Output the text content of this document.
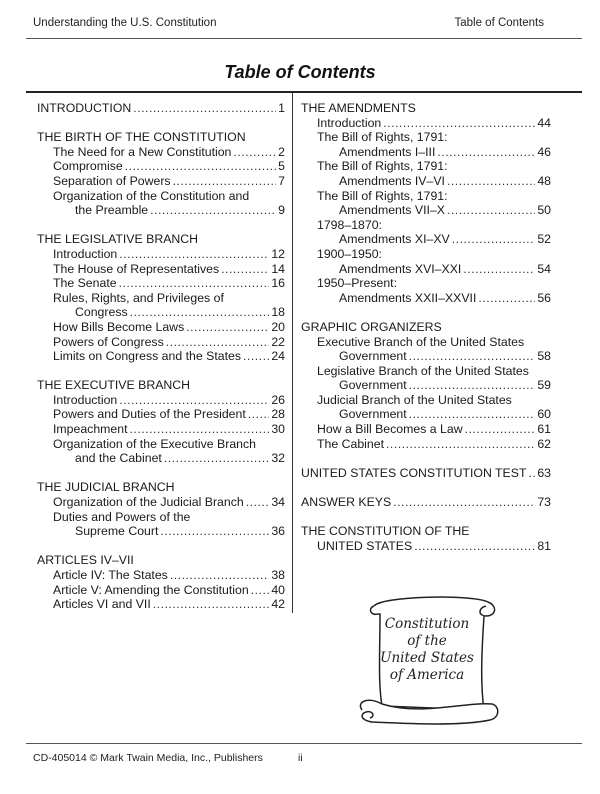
Understanding the U.S. Constitution	Table of Contents
Table of Contents
INTRODUCTION .....	1
THE BIRTH OF THE CONSTITUTION
The Need for a New Constitution .....	2
Compromise .....	5
Separation of Powers .....	7
Organization of the Constitution and
the Preamble .....	9
THE LEGISLATIVE BRANCH
Introduction .....	12
The House of Representatives .....	14
The Senate .....	16
Rules, Rights, and Privileges of
Congress .....	18
How Bills Become Laws .....	20
Powers of Congress .....	22
Limits on Congress and the States ..... 24
THE EXECUTIVE BRANCH
Introduction .....	26
Powers and Duties of the President ..... 28
Impeachment .....	30
Organization of the Executive Branch
and the Cabinet .....	32
THE JUDICIAL BRANCH
Organization of the Judicial Branch ..... 34
Duties and Powers of the
Supreme Court .....	36
ARTICLES IV–VII
Article IV: The States .....	38
Article V: Amending the Constitution ..... 40
Articles VI and VII .....	42
THE AMENDMENTS
Introduction .....	44
The Bill of Rights, 1791:
Amendments I–III .....	46
The Bill of Rights, 1791:
Amendments IV–VI .....	48
The Bill of Rights, 1791:
Amendments VII–X .....	50
1798–1870:
Amendments XI–XV .....	52
1900–1950:
Amendments XVI–XXI .....	54
1950–Present:
Amendments XXII–XXVII .....	56
GRAPHIC ORGANIZERS
Executive Branch of the United States
Government .....	58
Legislative Branch of the United States
Government .....	59
Judicial Branch of the United States
Government .....	60
How a Bill Becomes a Law .....	61
The Cabinet .....	62
UNITED STATES CONSTITUTION TEST ..... 63
ANSWER KEYS .....	73
THE CONSTITUTION OF THE
UNITED STATES .....	81
Constitution
of the
United States
of America
CD-405014 © Mark Twain Media, Inc., Publishers	ii
